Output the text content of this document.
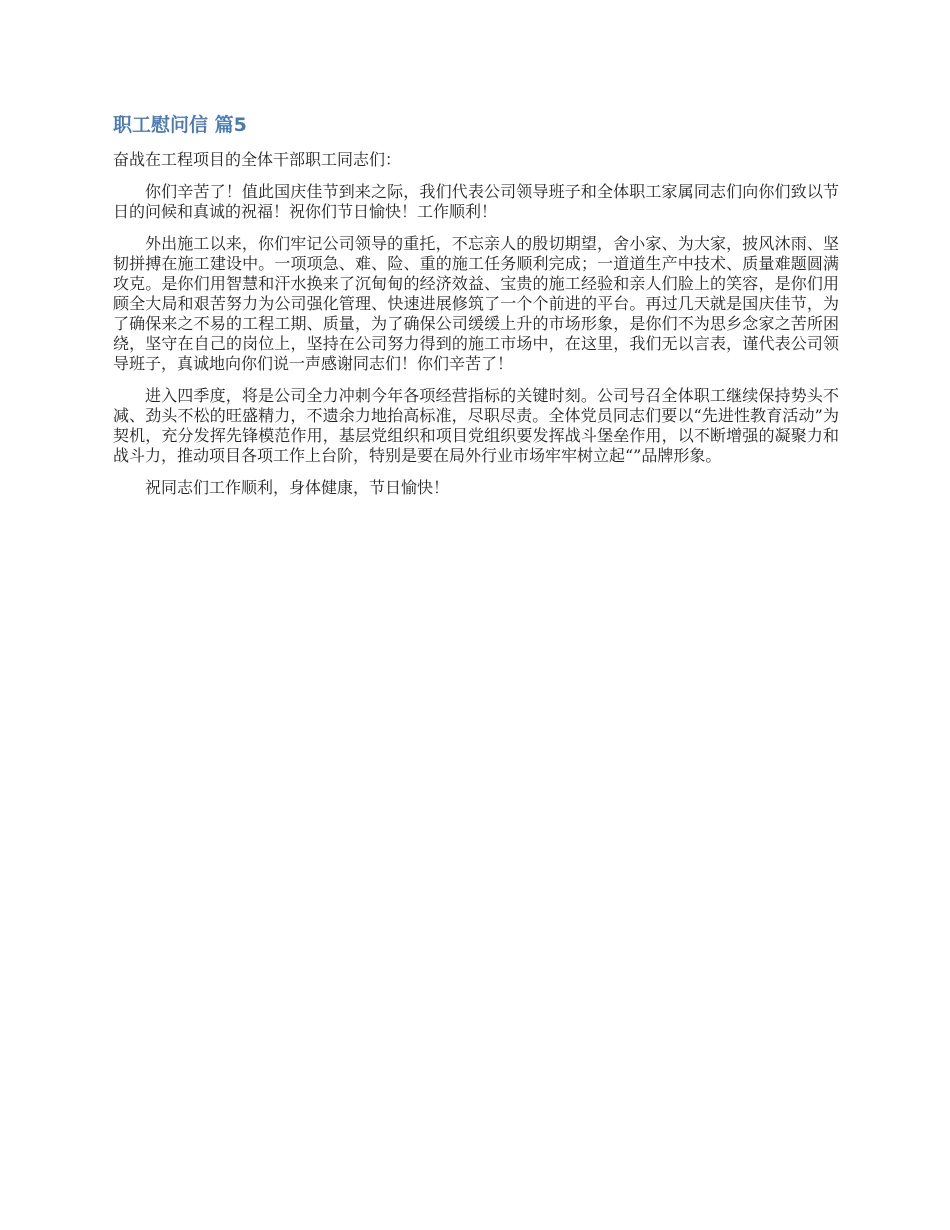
职工慰问信 篇5

奋战在工程项目的全体干部职工同志们：

你们辛苦了！值此国庆佳节到来之际，我们代表公司领导班子和全体职工家属同志们向你们致以节日的问候和真诚的祝福！祝你们节日愉快！工作顺利！

外出施工以来，你们牢记公司领导的重托，不忘亲人的殷切期望，舍小家、为大家，披风沐雨、坚韧拼搏在施工建设中。一项项急、难、险、重的施工任务顺利完成；一道道生产中技术、质量难题圆满攻克。是你们用智慧和汗水换来了沉甸甸的经济效益、宝贵的施工经验和亲人们脸上的笑容，是你们用顾全大局和艰苦努力为公司强化管理、快速进展修筑了一个个前进的平台。再过几天就是国庆佳节，为了确保来之不易的工程工期、质量，为了确保公司缓缓上升的市场形象，是你们不为思乡念家之苦所困绕，坚守在自己的岗位上，坚持在公司努力得到的施工市场中，在这里，我们无以言表，谨代表公司领导班子，真诚地向你们说一声感谢同志们！你们辛苦了！

进入四季度，将是公司全力冲刺今年各项经营指标的关键时刻。公司号召全体职工继续保持势头不减、劲头不松的旺盛精力，不遗余力地抬高标准，尽职尽责。全体党员同志们要以“先进性教育活动”为契机，充分发挥先锋模范作用，基层党组织和项目党组织要发挥战斗堡垒作用，以不断增强的凝聚力和战斗力，推动项目各项工作上台阶，特别是要在局外行业市场牢牢树立起“”品牌形象。

祝同志们工作顺利，身体健康，节日愉快！
